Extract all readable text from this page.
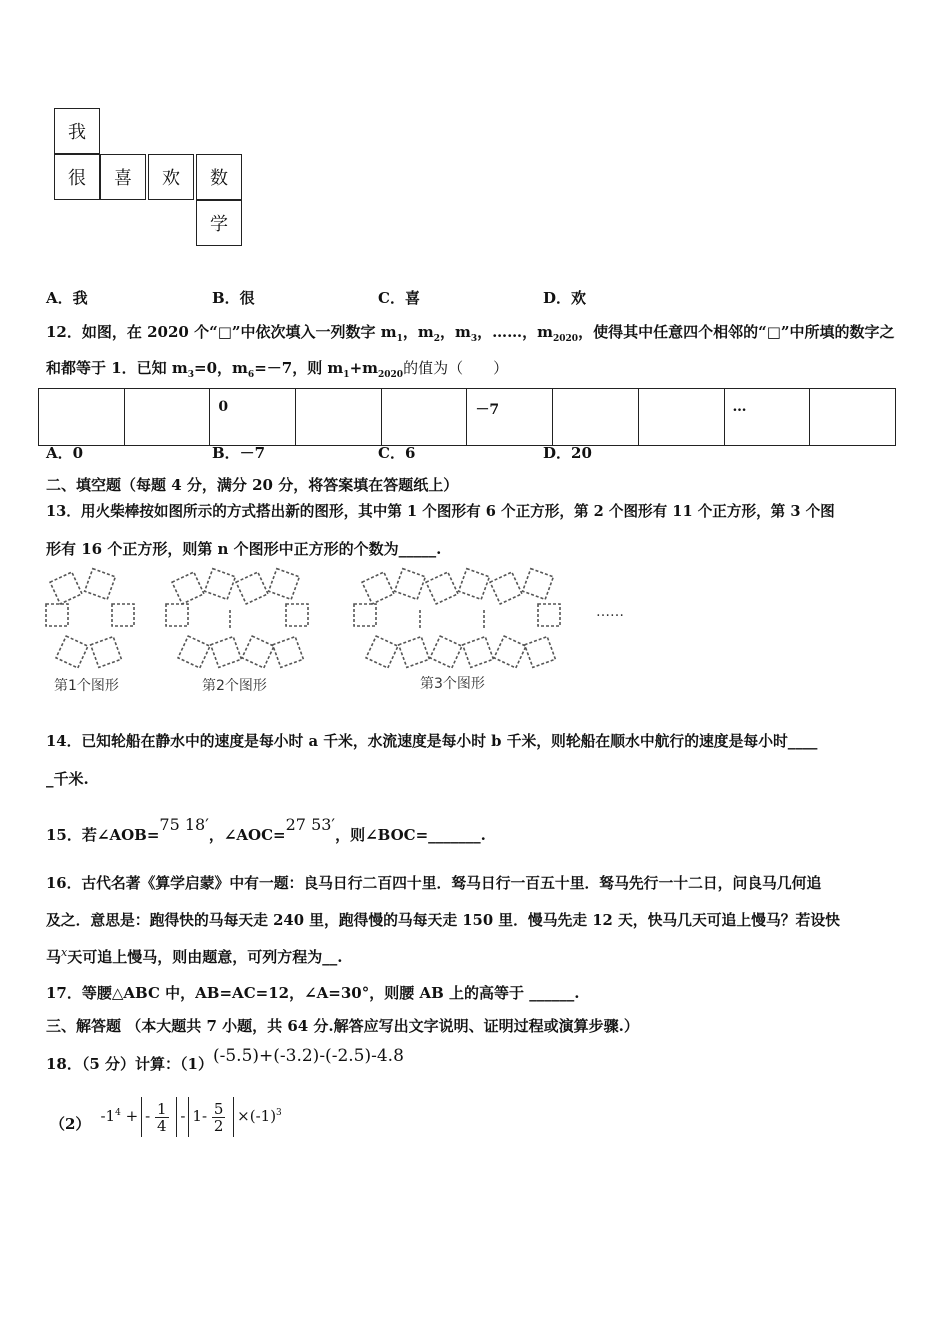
我
很	喜	欢	数
学
A．我	B．很	C．喜	D．欢
12．如图，在 2020 个“□”中依次填入一列数字 $m_1$，$m_2$，$m_3$，……，$m_{2020}$，使得其中任意四个相邻的“□”中所填的数字之
和都等于 1．已知 $m_3=0$，$m_6=-7$，则 $m_1+m_{2020}$的值为（　　）
		0			－7			…	
A．0	B．－7	C．6	D．20
二、填空题（每题 4 分，满分 20 分，将答案填在答题纸上）
13．用火柴棒按如图所示的方式搭出新的图形，其中第 1 个图形有 6 个正方形，第 2 个图形有 11 个正方形，第 3 个图
形有 16 个正方形，则第 n 个图形中正方形的个数为_____.
第1个图形	第2个图形	第3个图形
……
14．已知轮船在静水中的速度是每小时 a 千米，水流速度是每小时 b 千米，则轮船在顺水中航行的速度是每小时____
_千米.
15．若∠AOB=75 18′，∠AOC=27 53′，则∠BOC=_______.
16．古代名著《算学启蒙》中有一题：良马日行二百四十里．驽马日行一百五十里．驽马先行一十二日，问良马几何追
及之．意思是：跑得快的马每天走 240 里，跑得慢的马每天走 150 里．慢马先走 12 天，快马几天可追上慢马？若设快
马$^x$天可追上慢马，则由题意，可列方程为__.
17．等腰△ABC 中，AB=AC=12，∠A=30°，则腰 AB 上的高等于 ______.
三、解答题 （本大题共 7 小题，共 64 分.解答应写出文字说明、证明过程或演算步骤.）
18．（5 分）计算：（1）(-5.5)+(-3.2)-(-2.5)-4.8
（2） $-1^4$ + - $\frac{1}{4} - 1- \frac{5}{2} \times(-1)^3$
